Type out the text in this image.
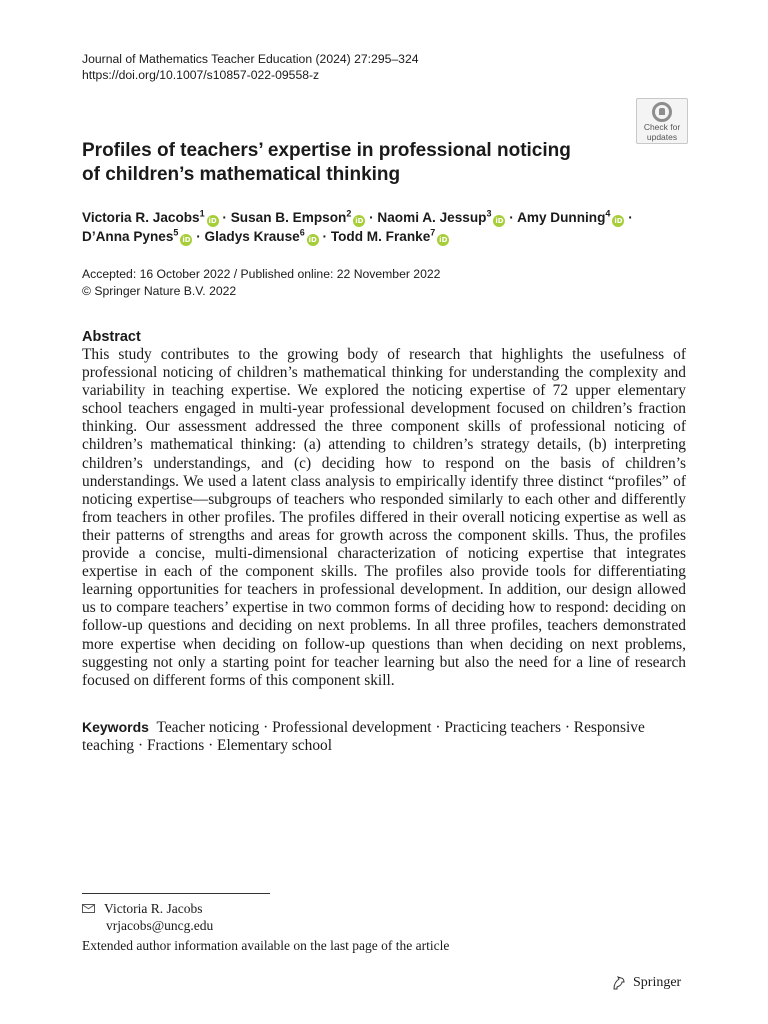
Journal of Mathematics Teacher Education (2024) 27:295–324
https://doi.org/10.1007/s10857-022-09558-z
Check for
updates
Profiles of teachers’ expertise in professional noticing
of children’s mathematical thinking
Victoria R. Jacobs$^1$iD · Susan B. Empson$^2$iD · Naomi A. Jessup$^3$iD · Amy Dunning$^4$iD ·
D’Anna Pynes$^5$iD · Gladys Krause$^6$iD · Todd M. Franke$^7$iD
Accepted: 16 October 2022 / Published online: 22 November 2022
© Springer Nature B.V. 2022
Abstract
This study contributes to the growing body of research that highlights the usefulness of professional noticing of children’s mathematical thinking for understanding the complexity and variability in teaching expertise. We explored the noticing expertise of 72 upper elementary school teachers engaged in multi-year professional development focused on children’s fraction thinking. Our assessment addressed the three component skills of professional noticing of children’s mathematical thinking: (a) attending to children’s strategy details, (b) interpreting children’s understandings, and (c) deciding how to respond on the basis of children’s understandings. We used a latent class analysis to empirically identify three distinct “profiles” of noticing expertise—subgroups of teachers who responded similarly to each other and differently from teachers in other profiles. The profiles differed in their overall noticing expertise as well as their patterns of strengths and areas for growth across the component skills. Thus, the profiles provide a concise, multi-dimensional characterization of noticing expertise that integrates expertise in each of the component skills. The profiles also provide tools for differentiating learning opportunities for teachers in professional development. In addition, our design allowed us to compare teachers’ expertise in two common forms of deciding how to respond: deciding on follow-up questions and deciding on next problems. In all three profiles, teachers demonstrated more expertise when deciding on follow-up questions than when deciding on next problems, suggesting not only a starting point for teacher learning but also the need for a line of research focused on different forms of this component skill.
Keywords Teacher noticing · Professional development · Practicing teachers · Responsive teaching · Fractions · Elementary school
Victoria R. Jacobs
vrjacobs@uncg.edu
Extended author information available on the last page of the article
Springer
